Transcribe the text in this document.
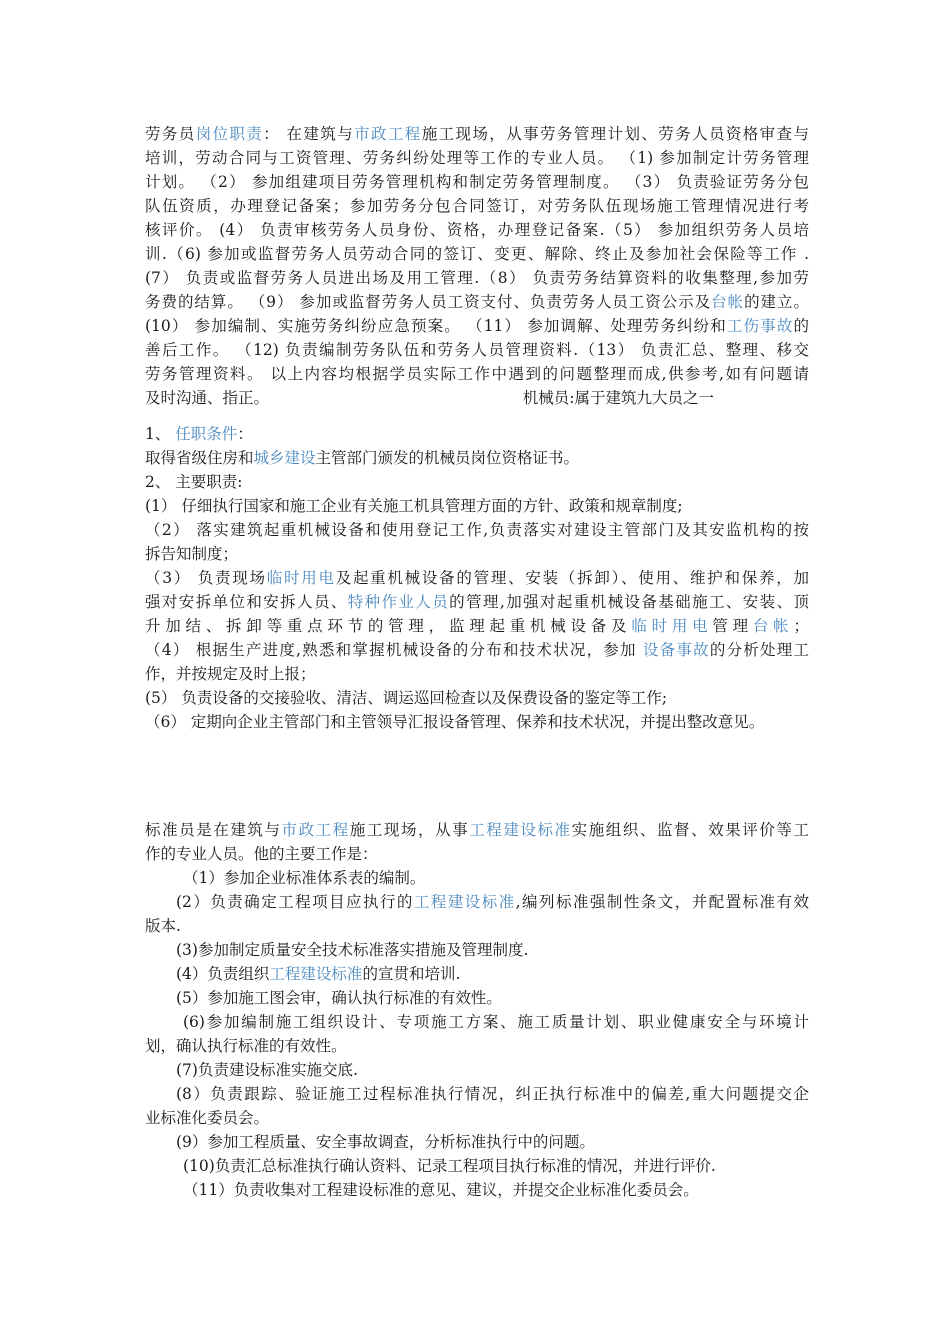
劳务员岗位职责： 在建筑与市政工程施工现场，从事劳务管理计划、劳务人员资格审查与
培训，劳动合同与工资管理、劳务纠纷处理等工作的专业人员。 （1) 参加制定计劳务管理
计划。 （2） 参加组建项目劳务管理机构和制定劳务管理制度。 （3） 负责验证劳务分包
队伍资质，办理登记备案；参加劳务分包合同签订，对劳务队伍现场施工管理情况进行考
核评价。 (4） 负责审核劳务人员身份、资格，办理登记备案.（5） 参加组织劳务人员培
训.（6) 参加或监督劳务人员劳动合同的签订、变更、解除、终止及参加社会保险等工作 .
(7） 负责或监督劳务人员进出场及用工管理.（8） 负责劳务结算资料的收集整理,参加劳
务费的结算。 （9） 参加或监督劳务人员工资支付、负责劳务人员工资公示及台帐的建立。
(10） 参加编制、实施劳务纠纷应急预案。 （11） 参加调解、处理劳务纠纷和工伤事故的
善后工作。 （12) 负责编制劳务队伍和劳务人员管理资料.（13） 负责汇总、整理、移交
劳务管理资料。 以上内容均根据学员实际工作中遇到的问题整理而成,供参考,如有问题请
及时沟通、指正。	机械员:属于建筑九大员之一
1、 任职条件：
取得省级住房和城乡建设主管部门颁发的机械员岗位资格证书。
2、 主要职责:
(1） 仔细执行国家和施工企业有关施工机具管理方面的方针、政策和规章制度;
（2） 落实建筑起重机械设备和使用登记工作,负责落实对建设主管部门及其安监机构的按
拆告知制度；
（3） 负责现场临时用电及起重机械设备的管理、安装（拆卸）、使用、维护和保养，加
强对安拆单位和安拆人员、特种作业人员的管理,加强对起重机械设备基础施工、安装、顶
升加结、拆卸等重点环节的管理，监理起重机械设备及临时用电管理台帐；
（4） 根据生产进度,熟悉和掌握机械设备的分布和技术状况，参加 设备事故的分析处理工
作，并按规定及时上报；
(5） 负责设备的交接验收、清洁、调运巡回检查以及保费设备的鉴定等工作;
（6） 定期向企业主管部门和主管领导汇报设备管理、保养和技术状况，并提出整改意见。
标准员是在建筑与市政工程施工现场，从事工程建设标准实施组织、监督、效果评价等工
作的专业人员。他的主要工作是：
（1）参加企业标准体系表的编制。
(2）负责确定工程项目应执行的工程建设标准,编列标准强制性条文，并配置标准有效
版本.
(3)参加制定质量安全技术标准落实措施及管理制度.
(4）负责组织工程建设标准的宣贯和培训.
(5）参加施工图会审，确认执行标准的有效性。
(6)参加编制施工组织设计、专项施工方案、施工质量计划、职业健康安全与环境计
划，确认执行标准的有效性。
(7)负责建设标准实施交底.
(8）负责跟踪、验证施工过程标准执行情况，纠正执行标准中的偏差,重大问题提交企
业标准化委员会。
(9）参加工程质量、安全事故调查，分析标准执行中的问题。
(10)负责汇总标准执行确认资料、记录工程项目执行标准的情况，并进行评价.
（11）负责收集对工程建设标准的意见、建议，并提交企业标准化委员会。
